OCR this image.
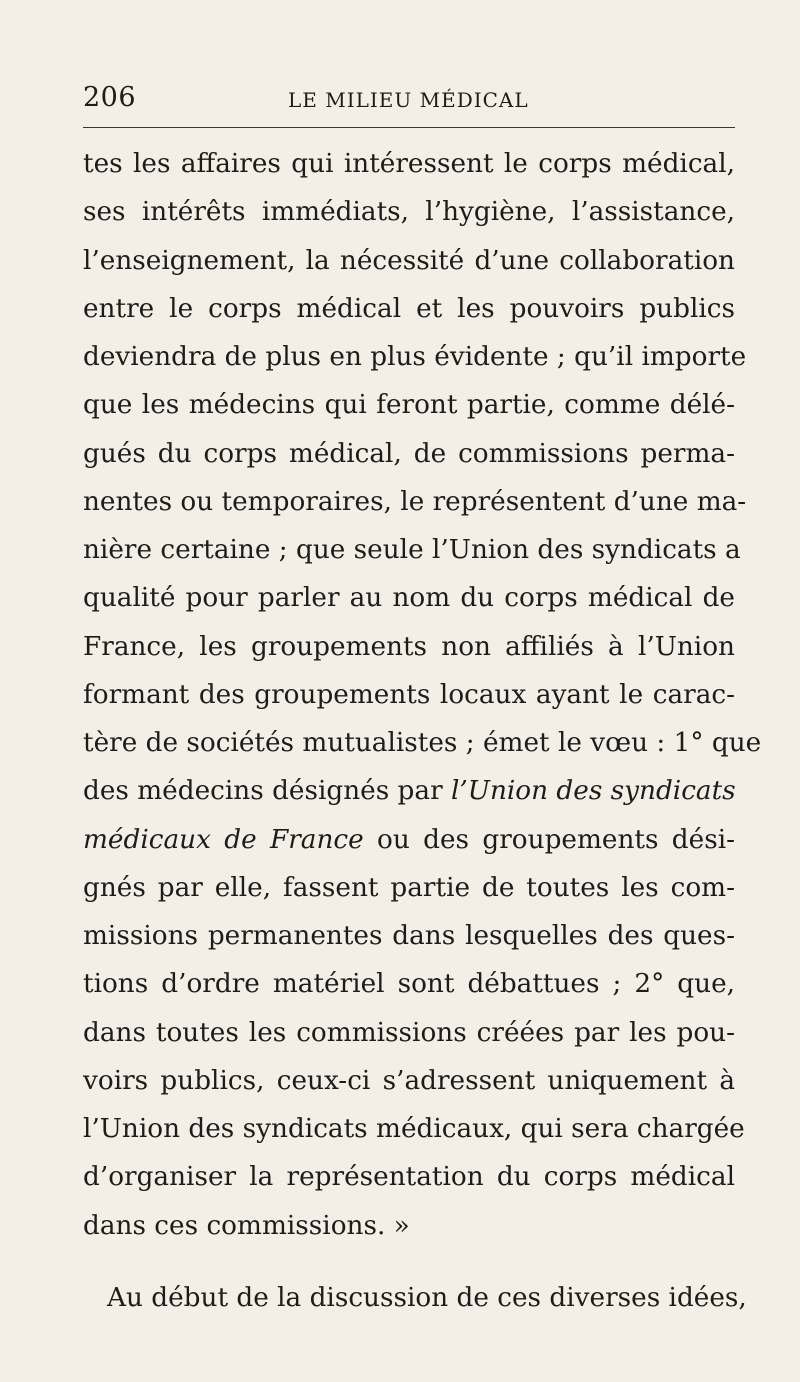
206	LE MILIEU MÉDICAL
tes les affaires qui intéressent le corps médical,
ses intérêts immédiats, l’hygiène, l’assistance,
l’enseignement, la nécessité d’une collaboration
entre le corps médical et les pouvoirs publics
deviendra de plus en plus évidente ; qu’il importe
que les médecins qui feront partie, comme délé-
gués du corps médical, de commissions perma-
nentes ou temporaires, le représentent d’une ma-
nière certaine ; que seule l’Union des syndicats a
qualité pour parler au nom du corps médical de
France, les groupements non affiliés à l’Union
formant des groupements locaux ayant le carac-
tère de sociétés mutualistes ; émet le vœu : 1° que
des médecins désignés par l’Union des syndicats
médicaux de France ou des groupements dési-
gnés par elle, fassent partie de toutes les com-
missions permanentes dans lesquelles des ques-
tions d’ordre matériel sont débattues ; 2° que,
dans toutes les commissions créées par les pou-
voirs publics, ceux-ci s’adressent uniquement à
l’Union des syndicats médicaux, qui sera chargée
d’organiser la représentation du corps médical
dans ces commissions. »
Au début de la discussion de ces diverses idées,
